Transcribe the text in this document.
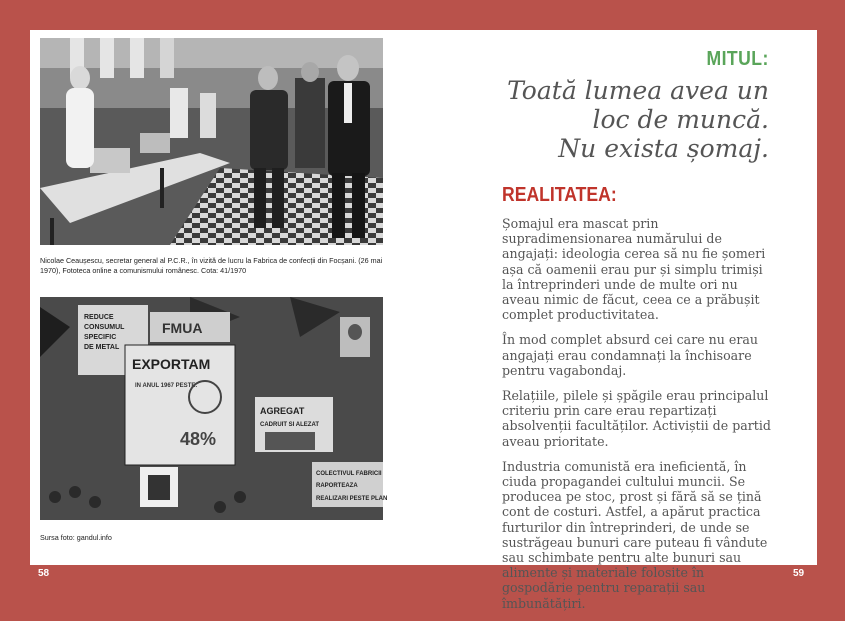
Nicolae Ceaușescu, secretar general al P.C.R., în vizită de lucru la Fabrica de confecții din Focșani. (26 mai 1970), Fototeca online a comunismului românesc. Cota: 41/1970
REDUCE
CONSUMUL
SPECIFIC
DE METAL
FMUA
EXPORTAM
IN ANUL 1967 PESTE:
48%
AGREGAT
CADRUIT SI ALEZAT
COLECTIVUL FABRICII
RAPORTEAZA
REALIZARI PESTE PLAN
Sursa foto: gandul.info
MITUL:
Toată lumea avea un
loc de muncă.
Nu exista șomaj.
REALITATEA:

Șomajul era mascat prin supradimensionarea numărului de angajați: ideologia cerea să nu fie șomeri așa că oamenii erau pur și simplu trimiși la întreprinderi unde de multe ori nu aveau nimic de făcut, ceea ce a prăbușit complet productivitatea.

În mod complet absurd cei care nu erau angajați erau condamnați la închisoare pentru vagabondaj.

Relațiile, pilele și șpăgile erau principalul criteriu prin care erau repartizați absolvenții facultăților. Activiștii de partid aveau prioritate.

Industria comunistă era ineficientă, în ciuda propagandei cultului muncii. Se producea pe stoc, prost și fără să se țină cont de costuri. Astfel, a apărut practica furturilor din întreprinderi, de unde se sustrăgeau bunuri care puteau fi vândute sau schimbate pentru alte bunuri sau alimente și materiale folosite în gospodărie pentru reparații sau îmbunătățiri.

58	59
